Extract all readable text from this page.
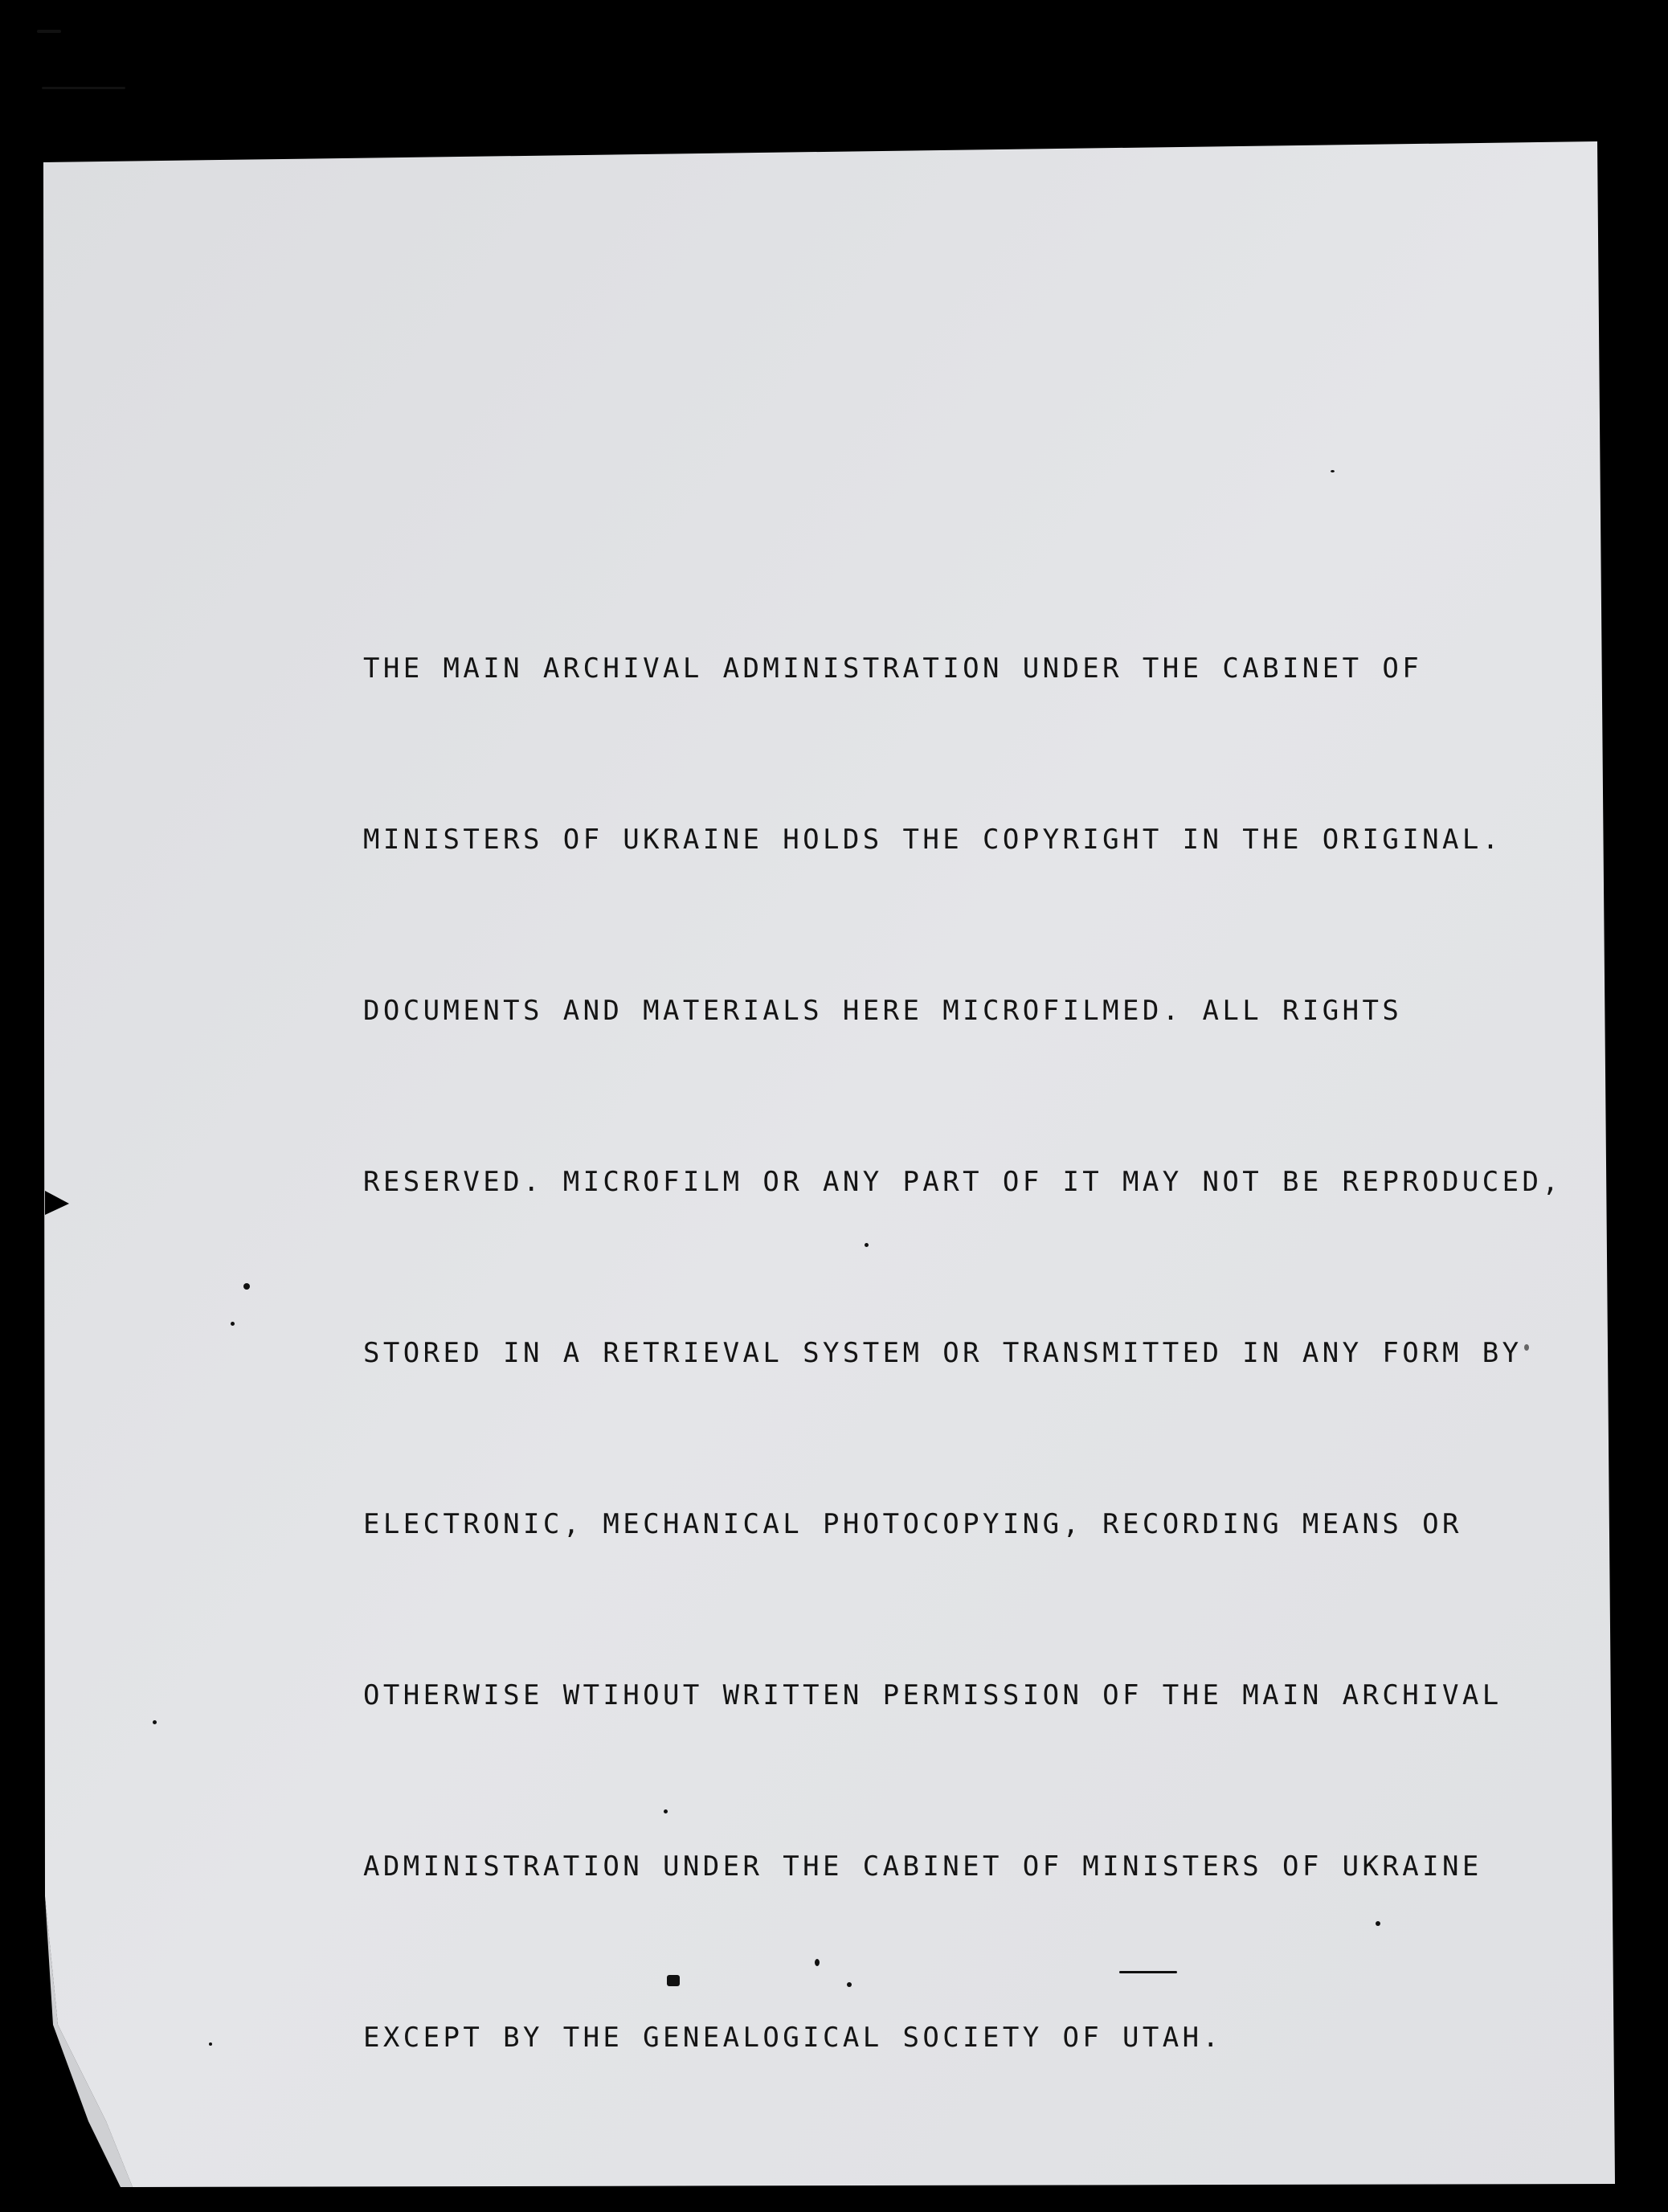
THE MAIN ARCHIVAL ADMINISTRATION UNDER THE CABINET OF

MINISTERS OF UKRAINE HOLDS THE COPYRIGHT IN THE ORIGINAL.

DOCUMENTS AND MATERIALS HERE MICROFILMED. ALL RIGHTS

RESERVED. MICROFILM OR ANY PART OF IT MAY NOT BE REPRODUCED,

STORED IN A RETRIEVAL SYSTEM OR TRANSMITTED IN ANY FORM BY

ELECTRONIC, MECHANICAL PHOTOCOPYING, RECORDING MEANS OR

OTHERWISE WTIHOUT WRITTEN PERMISSION OF THE MAIN ARCHIVAL

ADMINISTRATION UNDER THE CABINET OF MINISTERS OF UKRAINE

EXCEPT BY THE GENEALOGICAL SOCIETY OF UTAH.
